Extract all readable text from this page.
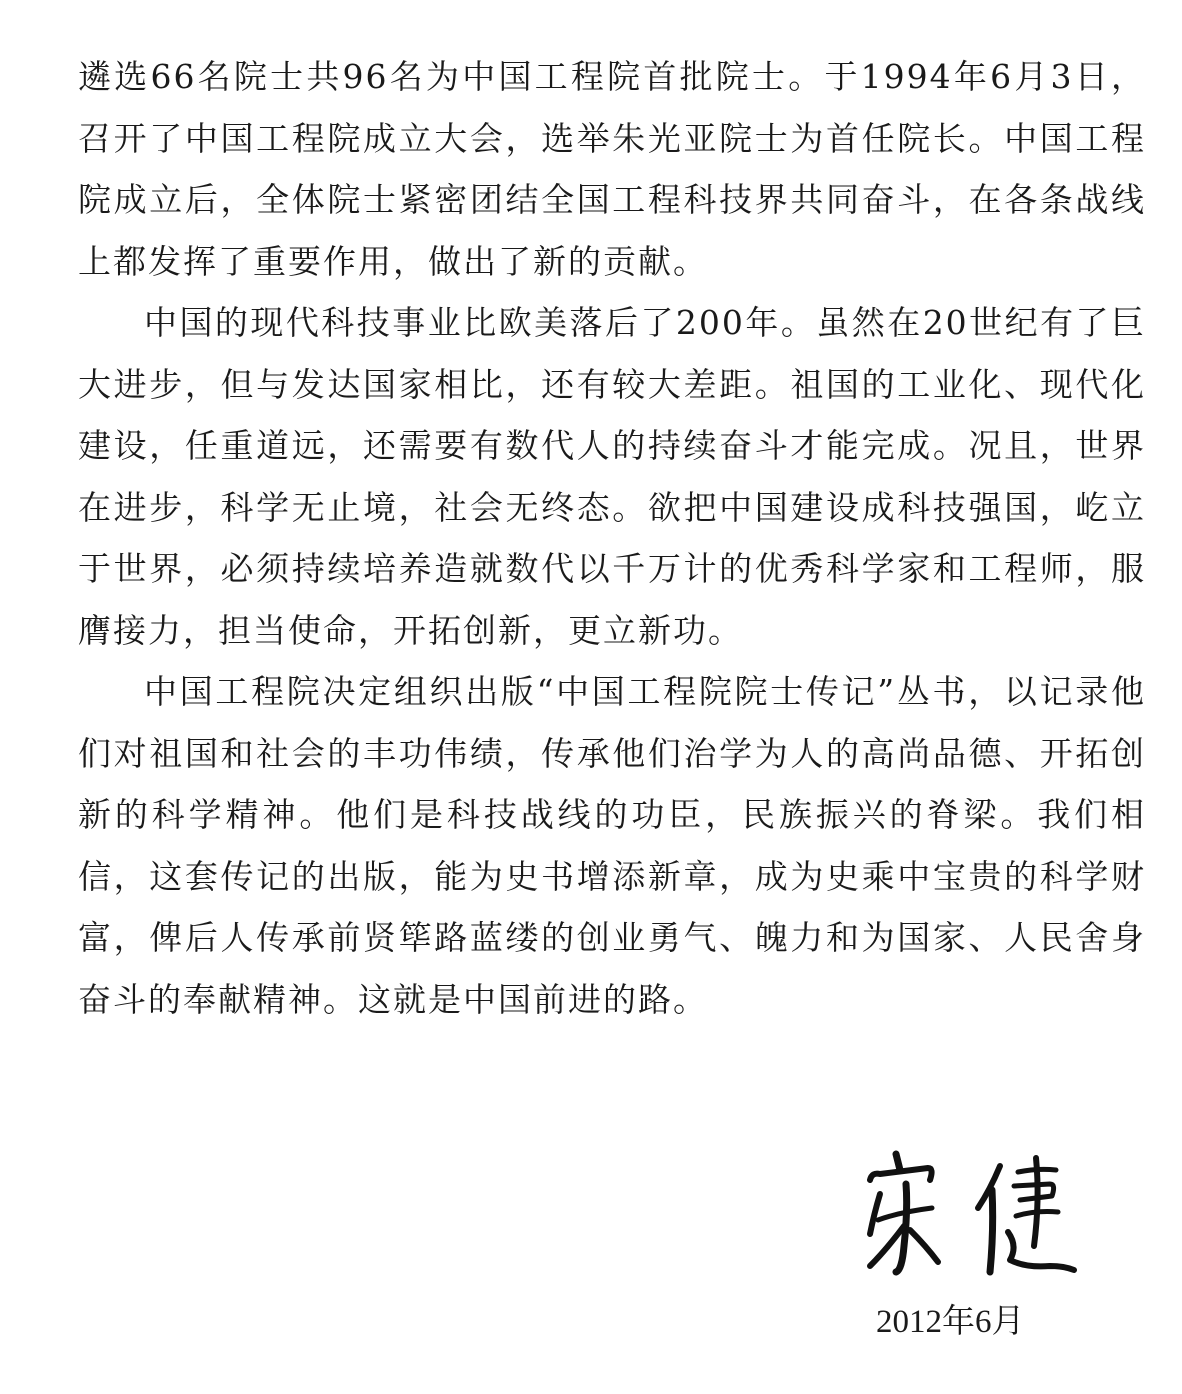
遴选66名院士共96名为中国工程院首批院士。于1994年6月3日，召开了中国工程院成立大会，选举朱光亚院士为首任院长。中国工程院成立后，全体院士紧密团结全国工程科技界共同奋斗，在各条战线上都发挥了重要作用，做出了新的贡献。

中国的现代科技事业比欧美落后了200年。虽然在20世纪有了巨大进步，但与发达国家相比，还有较大差距。祖国的工业化、现代化建设，任重道远，还需要有数代人的持续奋斗才能完成。况且，世界在进步，科学无止境，社会无终态。欲把中国建设成科技强国，屹立于世界，必须持续培养造就数代以千万计的优秀科学家和工程师，服膺接力，担当使命，开拓创新，更立新功。

中国工程院决定组织出版“中国工程院院士传记”丛书，以记录他们对祖国和社会的丰功伟绩，传承他们治学为人的高尚品德、开拓创新的科学精神。他们是科技战线的功臣，民族振兴的脊梁。我们相信，这套传记的出版，能为史书增添新章，成为史乘中宝贵的科学财富，俾后人传承前贤筚路蓝缕的创业勇气、魄力和为国家、人民舍身奋斗的奉献精神。这就是中国前进的路。

2012年6月
